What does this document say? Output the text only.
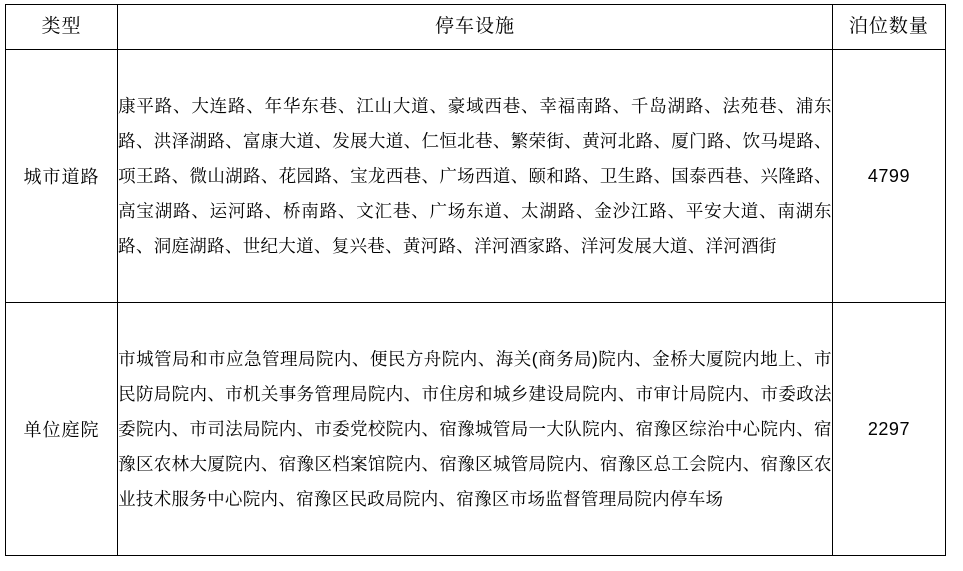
类型	停车设施	泊位数量

城市道路	康平路、大连路、年华东巷、江山大道、豪域西巷、幸福南路、千岛湖路、法苑巷、浦东路、洪泽湖路、富康大道、发展大道、仁恒北巷、繁荣街、黄河北路、厦门路、饮马堤路、项王路、微山湖路、花园路、宝龙西巷、广场西道、颐和路、卫生路、国泰西巷、兴隆路、高宝湖路、运河路、桥南路、文汇巷、广场东道、太湖路、金沙江路、平安大道、南湖东路、洞庭湖路、世纪大道、复兴巷、黄河路、洋河酒家路、洋河发展大道、洋河酒街	4799
单位庭院	市城管局和市应急管理局院内、便民方舟院内、海关(商务局)院内、金桥大厦院内地上、市民防局院内、市机关事务管理局院内、市住房和城乡建设局院内、市审计局院内、市委政法委院内、市司法局院内、市委党校院内、宿豫城管局一大队院内、宿豫区综治中心院内、宿豫区农林大厦院内、宿豫区档案馆院内、宿豫区城管局院内、宿豫区总工会院内、宿豫区农业技术服务中心院内、宿豫区民政局院内、宿豫区市场监督管理局院内停车场	2297
